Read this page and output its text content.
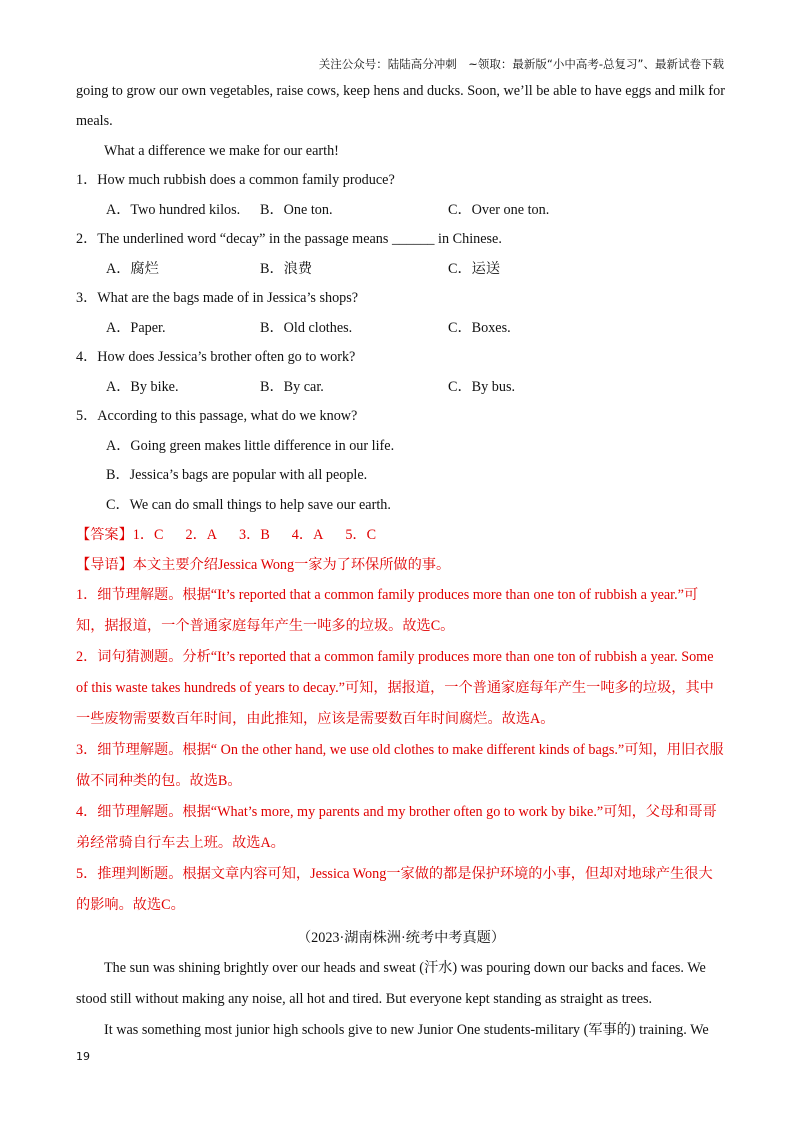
关注公众号：陆陆高分冲刺　~领取：最新版“小中高考-总复习”、最新试卷下载

going to grow our own vegetables, raise cows, keep hens and ducks. Soon, we’ll be able to have eggs and milk for meals.

What a difference we make for our earth!

1．How much rubbish does a common family produce?
A．Two hundred kilos. B．One ton.	C．Over one ton.
2．The underlined word “decay” in the passage means ______ in Chinese.
A．腐烂	B．浪费	C．运送
3．What are the bags made of in Jessica’s shops?
A．Paper.	B．Old clothes.	C．Boxes.
4．How does Jessica’s brother often go to work?
A．By bike.	B．By car.	C．By bus.
5．According to this passage, what do we know?
A．Going green makes little difference in our life.
B．Jessica’s bags are popular with all people.
C．We can do small things to help save our earth.
【答案】1．C 2．A 3．B 4．A 5．C

【导语】本文主要介绍Jessica Wong一家为了环保所做的事。

1．细节理解题。根据“It’s reported that a common family produces more than one ton of rubbish a year.”可知，据报道，一个普通家庭每年产生一吨多的垃圾。故选C。

2．词句猜测题。分析“It’s reported that a common family produces more than one ton of rubbish a year. Some of this waste takes hundreds of years to decay.”可知，据报道，一个普通家庭每年产生一吨多的垃圾，其中一些废物需要数百年时间，由此推知，应该是需要数百年时间腐烂。故选A。

3．细节理解题。根据“ On the other hand, we use old clothes to make different kinds of bags.”可知，用旧衣服做不同种类的包。故选B。

4．细节理解题。根据“What’s more, my parents and my brother often go to work by bike.”可知，父母和哥哥弟经常骑自行车去上班。故选A。

5．推理判断题。根据文章内容可知，Jessica Wong一家做的都是保护环境的小事，但却对地球产生很大的影响。故选C。

（2023·湖南株洲·统考中考真题）

The sun was shining brightly over our heads and sweat (汗水) was pouring down our backs and faces. We stood still without making any noise, all hot and tired. But everyone kept standing as straight as trees.

It was something most junior high schools give to new Junior One students-military (军事的) training. We

19
